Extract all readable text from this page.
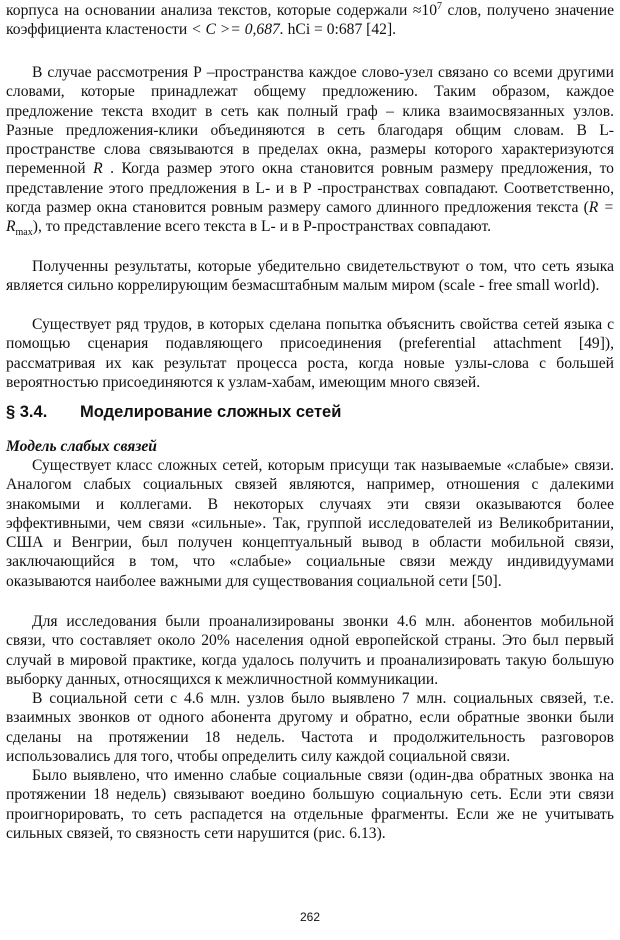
корпуса на основании анализа текстов, которые содержали $\approx 10^7$ слов, получено значение коэффициента кластености < C >= 0,687. hCi = 0:687 [42].

В случае рассмотрения Р –пространства каждое слово-узел связано со всеми другими словами, которые принадлежат общему предложению. Таким образом, каждое предложение текста входит в сеть как полный граф – клика взаимосвязанных узлов. Разные предложения-клики объединяются в сеть благодаря общим словам. В L-пространстве слова связываются в пределах окна, размеры которого характеризуются переменной R . Когда размер этого окна становится ровным размеру предложения, то представление этого предложения в L- и в Р -пространствах совпадают. Соответственно, когда размер окна становится ровным размеру самого длинного предложения текста $(R = R_{max})$, то представление всего текста в L- и в Р-пространствах совпадают.

Полученны результаты, которые убедительно свидетельствуют о том, что сеть языка является сильно коррелирующим безмасштабным малым миром (scale - free small world).

Существует ряд трудов, в которых сделана попытка объяснить свойства сетей языка с помощью сценария подавляющего присоединения (preferential attachment [49]), рассматривая их как результат процесса роста, когда новые узлы-слова с большей вероятностью присоединяются к узлам-хабам, имеющим много связей.

§ 3.4. Моделирование сложных сетей
Модель слабых связей

Существует класс сложных сетей, которым присущи так называемые «слабые» связи. Аналогом слабых социальных связей являются, например, отношения с далекими знакомыми и коллегами. В некоторых случаях эти связи оказываются более эффективными, чем связи «сильные». Так, группой исследователей из Великобритании, США и Венгрии, был получен концептуальный вывод в области мобильной связи, заключающийся в том, что «слабые» социальные связи между индивидуумами оказываются наиболее важными для существования социальной сети [50].

Для исследования были проанализированы звонки 4.6 млн. абонентов мобильной связи, что составляет около 20% населения одной европейской страны. Это был первый случай в мировой практике, когда удалось получить и проанализировать такую большую выборку данных, относящихся к межличностной коммуникации.

В социальной сети с 4.6 млн. узлов было выявлено 7 млн. социальных связей, т.е. взаимных звонков от одного абонента другому и обратно, если обратные звонки были сделаны на протяжении 18 недель. Частота и продолжительность разговоров использовались для того, чтобы определить силу каждой социальной связи.

Было выявлено, что именно слабые социальные связи (один-два обратных звонка на протяжении 18 недель) связывают воедино большую социальную сеть. Если эти связи проигнорировать, то сеть распадется на отдельные фрагменты. Если же не учитывать сильных связей, то связность сети нарушится (рис. 6.13).

262
